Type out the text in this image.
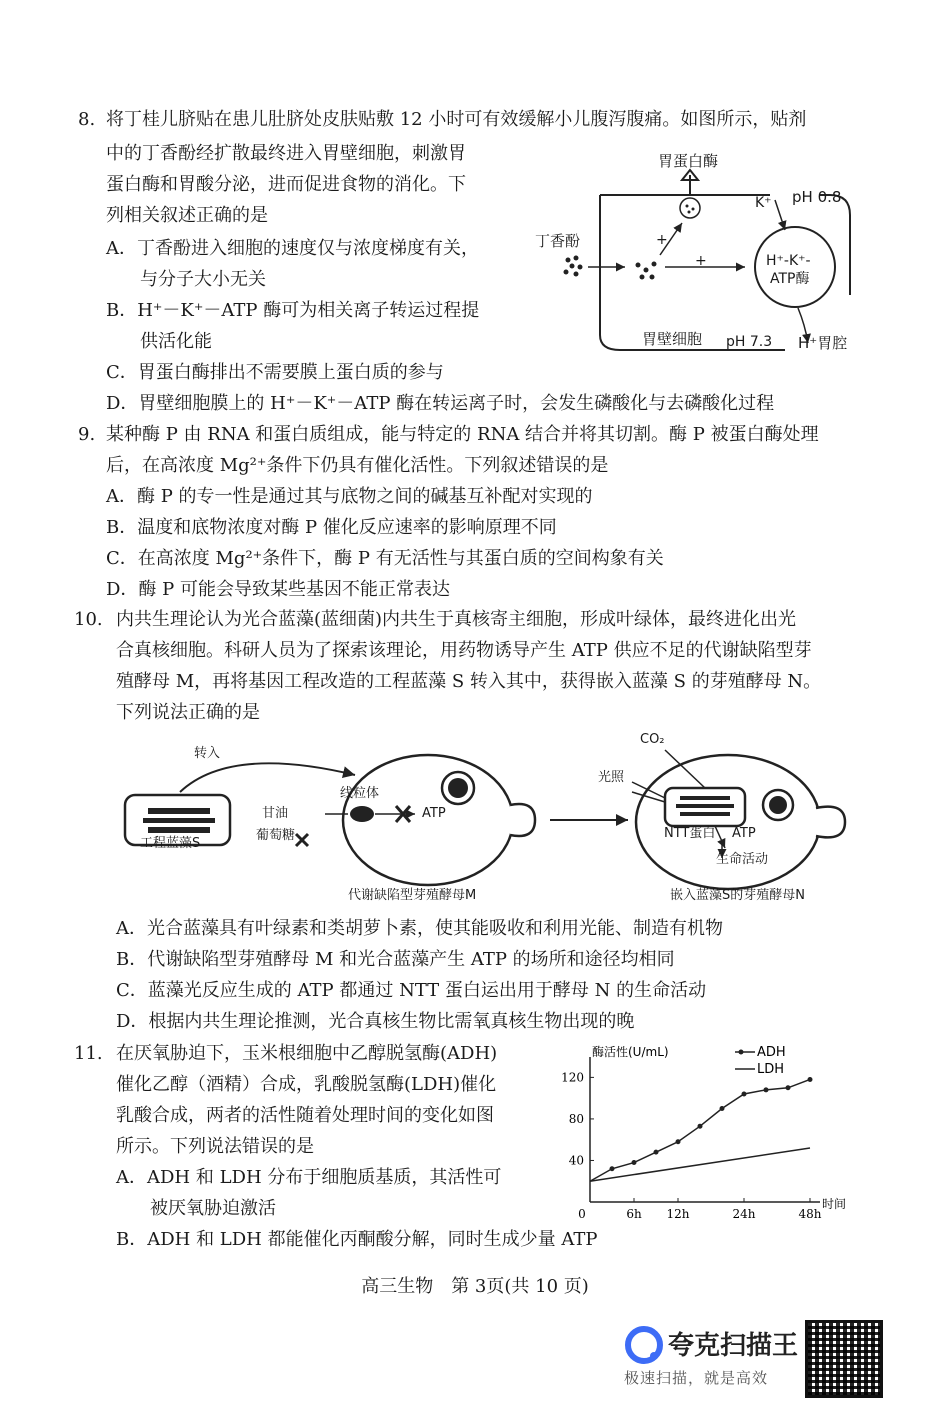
8. 将丁桂儿脐贴在患儿肚脐处皮肤贴敷 12 小时可有效缓解小儿腹泻腹痛。如图所示，贴剂
中的丁香酚经扩散最终进入胃壁细胞，刺激胃
蛋白酶和胃酸分泌，进而促进食物的消化。下
列相关叙述正确的是
A．丁香酚进入细胞的速度仅与浓度梯度有关，
与分子大小无关
B．H⁺－K⁺－ATP 酶可为相关离子转运过程提
供活化能
C．胃蛋白酶排出不需要膜上蛋白质的参与
D．胃壁细胞膜上的 H⁺－K⁺－ATP 酶在转运离子时，会发生磷酸化与去磷酸化过程
胃蛋白酶
K⁺ pH 0.8
丁香酚	+
+	H⁺-K⁺-
ATP酶
胃壁细胞 pH 7.3 H⁺胃腔
9. 某种酶 P 由 RNA 和蛋白质组成，能与特定的 RNA 结合并将其切割。酶 P 被蛋白酶处理
后，在高浓度 Mg²⁺条件下仍具有催化活性。下列叙述错误的是
A．酶 P 的专一性是通过其与底物之间的碱基互补配对实现的
B．温度和底物浓度对酶 P 催化反应速率的影响原理不同
C．在高浓度 Mg²⁺条件下，酶 P 有无活性与其蛋白质的空间构象有关
D．酶 P 可能会导致某些基因不能正常表达
10. 内共生理论认为光合蓝藻(蓝细菌)内共生于真核寄主细胞，形成叶绿体，最终进化出光
合真核细胞。科研人员为了探索该理论，用药物诱导产生 ATP 供应不足的代谢缺陷型芽
殖酵母 M，再将基因工程改造的工程蓝藻 S 转入其中，获得嵌入蓝藻 S 的芽殖酵母 N。
下列说法正确的是
转入
工程蓝藻S
甘油
葡萄糖
线粒体
ATP
代谢缺陷型芽殖酵母M
CO₂
光照
NTT蛋白 ATP
生命活动
嵌入蓝藻S的芽殖酵母N
A．光合蓝藻具有叶绿素和类胡萝卜素，使其能吸收和利用光能、制造有机物
B．代谢缺陷型芽殖酵母 M 和光合蓝藻产生 ATP 的场所和途径均相同
C．蓝藻光反应生成的 ATP 都通过 NTT 蛋白运出用于酵母 N 的生命活动
D．根据内共生理论推测，光合真核生物比需氧真核生物出现的晚
11. 在厌氧胁迫下，玉米根细胞中乙醇脱氢酶(ADH)
催化乙醇（酒精）合成，乳酸脱氢酶(LDH)催化
乳酸合成，两者的活性随着处理时间的变化如图
所示。下列说法错误的是
A．ADH 和 LDH 分布于细胞质基质，其活性可
被厌氧胁迫激活
B．ADH 和 LDH 都能催化丙酮酸分解，同时生成少量 ATP
酶活性(U/mL)
时间
40
80
120
0	6h 12h	24h	48h
ADH
LDH
高三生物　第 3页(共 10 页)
夸克扫描王
极速扫描，就是高效
